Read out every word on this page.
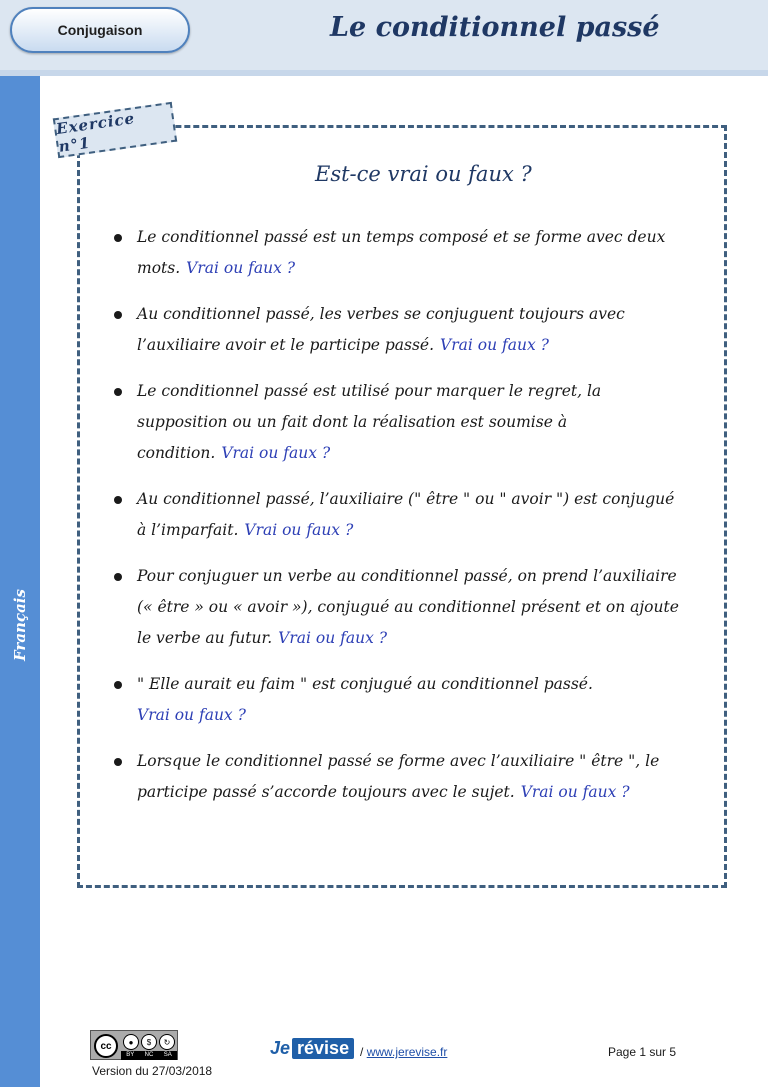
Conjugaison	Le conditionnel passé
Français
Exercice n°1
Est-ce vrai ou faux ?
Le conditionnel passé est un temps composé et se forme avec deux mots. Vrai ou faux ?
Au conditionnel passé, les verbes se conjuguent toujours avec l’auxiliaire avoir et le participe passé. Vrai ou faux ?
Le conditionnel passé est utilisé pour marquer le regret, la supposition ou un fait dont la réalisation est soumise à condition. Vrai ou faux ?
Au conditionnel passé, l’auxiliaire (" être " ou " avoir ") est conjugué à l’imparfait. Vrai ou faux ?
Pour conjuguer un verbe au conditionnel passé, on prend l’auxiliaire (« être » ou « avoir »), conjugué au conditionnel présent et on ajoute le verbe au futur. Vrai ou faux ?
" Elle aurait eu faim " est conjugué au conditionnel passé.
Vrai ou faux ?
Lorsque le conditionnel passé se forme avec l’auxiliaire " être ", le participe passé s’accorde toujours avec le sujet. Vrai ou faux ?
cc	●	$	↻
BY NC SA	Je révise / www.jerevise.fr	Page 1 sur 5
Version du 27/03/2018
